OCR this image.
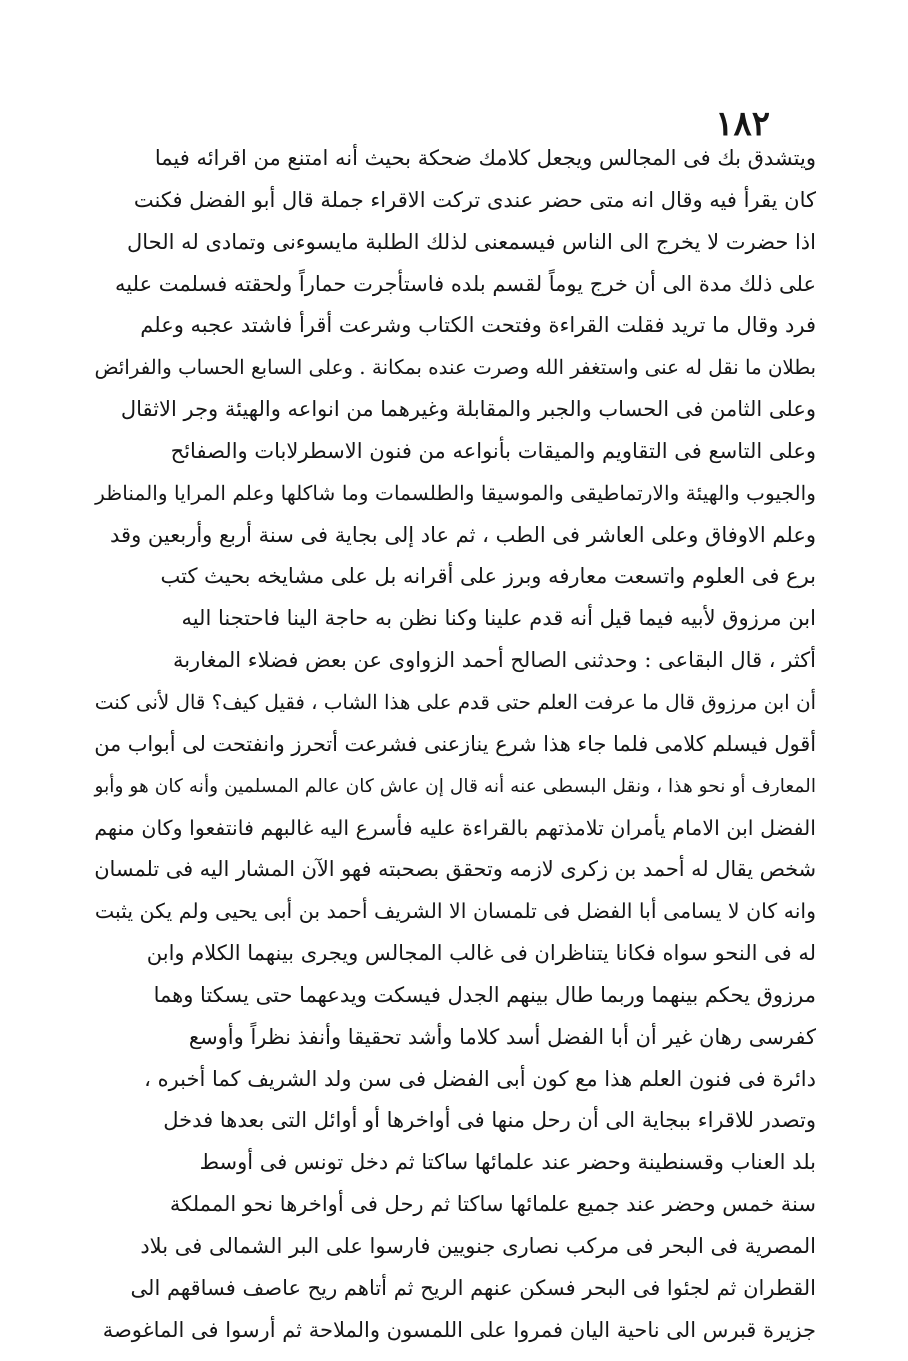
١٨٢
ويتشدق بك فى المجالس ويجعل كلامك ضحكة بحيث أنه امتنع من اقرائه فيما
كان يقرأ فيه وقال انه متى حضر عندى تركت الاقراء جملة قال أبو الفضل فكنت
اذا حضرت لا يخرج الى الناس فيسمعنى لذلك الطلبة مايسوءنى وتمادى له الحال
على ذلك مدة الى أن خرج يوماً لقسم بلده فاستأجرت حماراً ولحقته فسلمت عليه
فرد وقال ما تريد فقلت القراءة وفتحت الكتاب وشرعت أقرأ فاشتد عجبه وعلم
بطلان ما نقل له عنى واستغفر الله وصرت عنده بمكانة . وعلى السابع الحساب والفرائض
وعلى الثامن فى الحساب والجبر والمقابلة وغيرهما من انواعه والهيئة وجر الاثقال
وعلى التاسع فى التقاويم والميقات بأنواعه من فنون الاسطرلابات والصفائح
والجيوب والهيئة والارتماطيقى والموسيقا والطلسمات وما شاكلها وعلم المرايا والمناظر
وعلم الاوفاق وعلى العاشر فى الطب ، ثم عاد إلى بجاية فى سنة أربع وأربعين وقد
برع فى العلوم واتسعت معارفه وبرز على أقرانه بل على مشايخه بحيث كتب
ابن مرزوق لأبيه فيما قيل أنه قدم علينا وكنا نظن به حاجة الينا فاحتجنا اليه
أكثر ، قال البقاعى : وحدثنى الصالح أحمد الزواوى عن بعض فضلاء المغاربة
أن ابن مرزوق قال ما عرفت العلم حتى قدم على هذا الشاب ، فقيل كيف؟ قال لأنى كنت
أقول فيسلم كلامى فلما جاء هذا شرع ينازعنى فشرعت أتحرز وانفتحت لى أبواب من
المعارف أو نحو هذا ، ونقل البسطى عنه أنه قال إن عاش كان عالم المسلمين وأنه كان هو وأبو
الفضل ابن الامام يأمران تلامذتهم بالقراءة عليه فأسرع اليه غالبهم فانتفعوا وكان منهم
شخص يقال له أحمد بن زكرى لازمه وتحقق بصحبته فهو الآن المشار اليه فى تلمسان
وانه كان لا يسامى أبا الفضل فى تلمسان الا الشريف أحمد بن أبى يحيى ولم يكن يثبت
له فى النحو سواه فكانا يتناظران فى غالب المجالس ويجرى بينهما الكلام وابن
مرزوق يحكم بينهما وربما طال بينهم الجدل فيسكت ويدعهما حتى يسكتا وهما
كفرسى رهان غير أن أبا الفضل أسد كلاما وأشد تحقيقا وأنفذ نظراً وأوسع
دائرة فى فنون العلم هذا مع كون أبى الفضل فى سن ولد الشريف كما أخبره ،
وتصدر للاقراء ببجاية الى أن رحل منها فى أواخرها أو أوائل التى بعدها فدخل
بلد العناب وقسنطينة وحضر عند علمائها ساكتا ثم دخل تونس فى أوسط
سنة خمس وحضر عند جميع علمائها ساكتا ثم رحل فى أواخرها نحو المملكة
المصرية فى البحر فى مركب نصارى جنويين فارسوا على البر الشمالى فى بلاد
القطران ثم لجئوا فى البحر فسكن عنهم الريح ثم أتاهم ريح عاصف فساقهم الى
جزيرة قبرس الى ناحية اليان فمروا على اللمسون والملاحة ثم أرسوا فى الماغوصة
